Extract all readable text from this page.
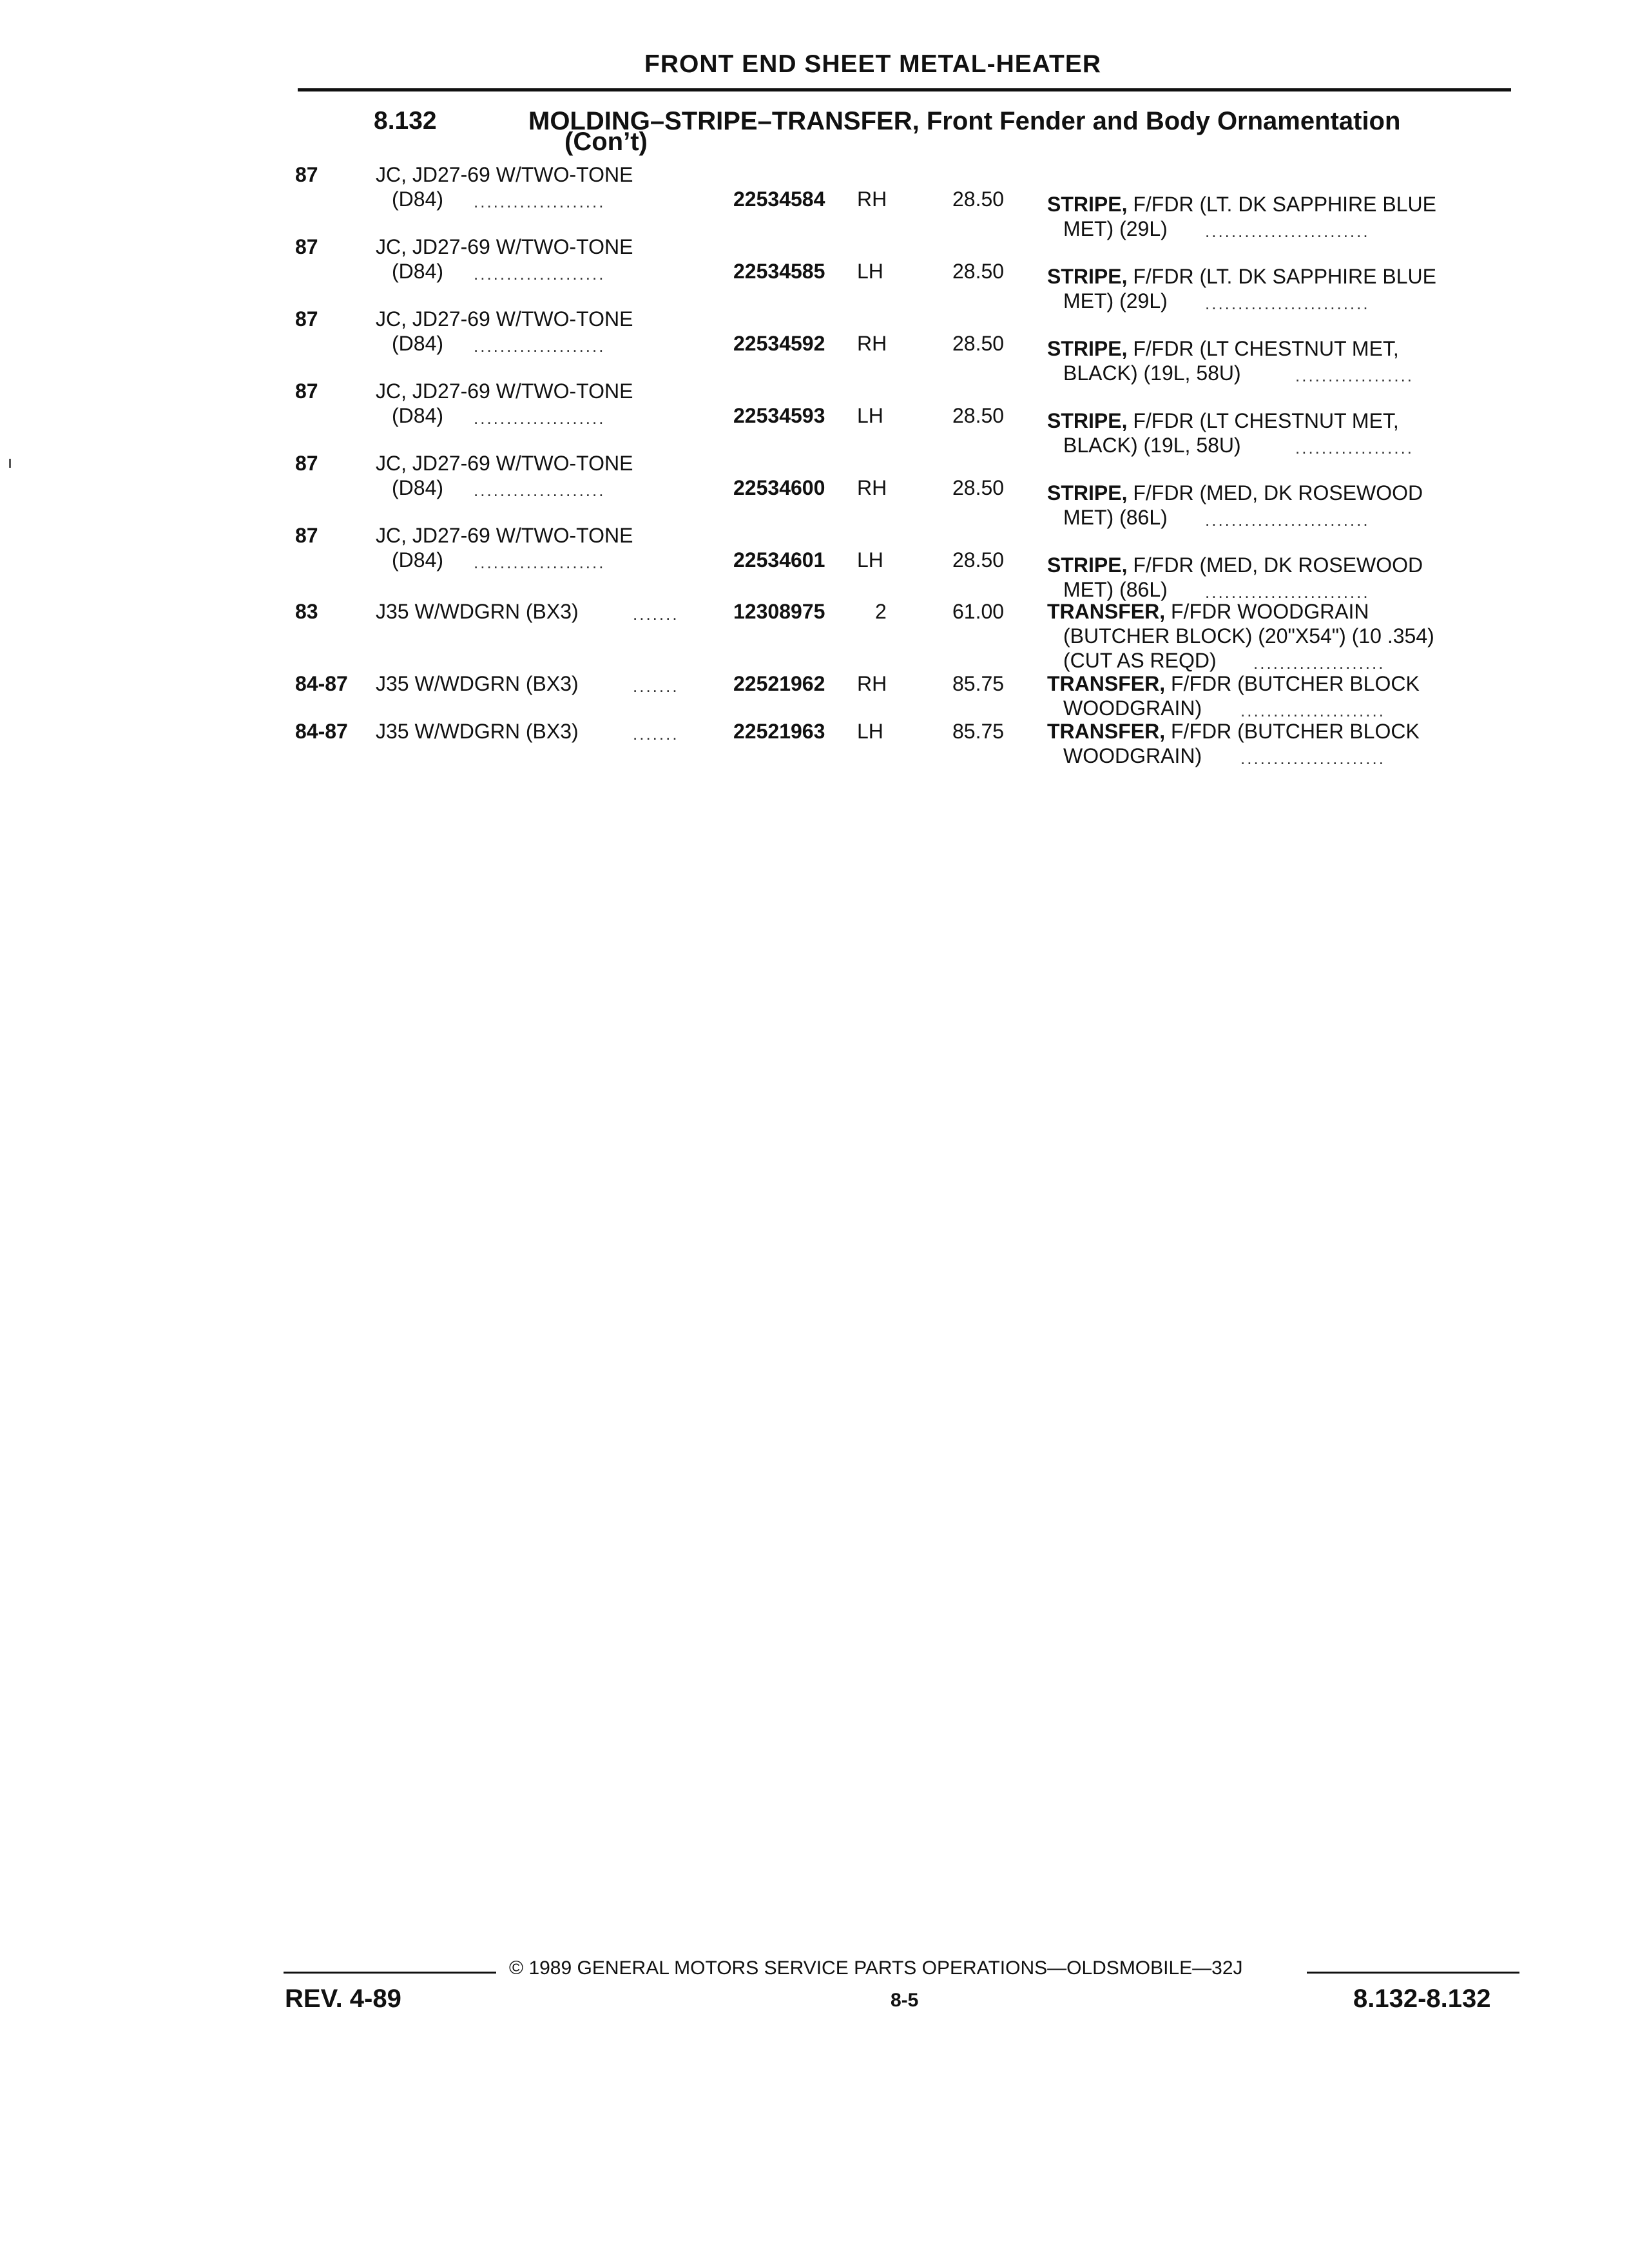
FRONT END SHEET METAL-HEATER
8.132	MOLDING–STRIPE–TRANSFER, Front Fender and Body Ornamentation
(Con’t)
87	JC, JD27-69 W/TWO-TONE
(D84) ....................	22534584 RH	28.50 STRIPE, F/FDR (LT. DK SAPPHIRE BLUE
MET) (29L) .........................
87	JC, JD27-69 W/TWO-TONE
(D84) ....................	22534585 LH	28.50 STRIPE, F/FDR (LT. DK SAPPHIRE BLUE
MET) (29L) .........................
87	JC, JD27-69 W/TWO-TONE
(D84) ....................	22534592 RH	28.50 STRIPE, F/FDR (LT CHESTNUT MET,
BLACK) (19L, 58U)	..................
87	JC, JD27-69 W/TWO-TONE
(D84) ....................	22534593 LH	28.50 STRIPE, F/FDR (LT CHESTNUT MET,
BLACK) (19L, 58U)	..................
87	JC, JD27-69 W/TWO-TONE
(D84) ....................	22534600 RH	28.50 STRIPE, F/FDR (MED, DK ROSEWOOD
MET) (86L) .........................
87	JC, JD27-69 W/TWO-TONE
(D84) ....................	22534601 LH	28.50 STRIPE, F/FDR (MED, DK ROSEWOOD
MET) (86L) .........................
83	J35 W/WDGRN (BX3)	.......	12308975 2	61.00 TRANSFER, F/FDR WOODGRAIN
(BUTCHER BLOCK) (20"X54") (10 .354)
(CUT AS REQD) ....................
84-87 J35 W/WDGRN (BX3)	.......	22521962 RH	85.75 TRANSFER, F/FDR (BUTCHER BLOCK
WOODGRAIN) ......................
84-87 J35 W/WDGRN (BX3)	.......	22521963 LH	85.75 TRANSFER, F/FDR (BUTCHER BLOCK
WOODGRAIN) ......................
© 1989 GENERAL MOTORS SERVICE PARTS OPERATIONS—OLDSMOBILE—32J
REV. 4-89	8-5	8.132-8.132
